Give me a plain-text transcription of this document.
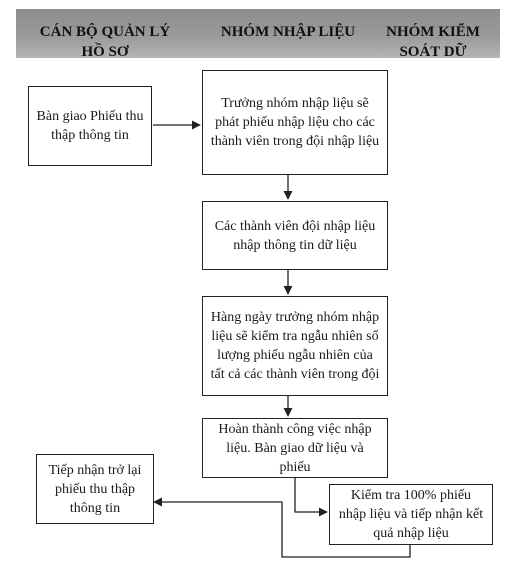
CÁN BỘ QUẢN LÝ HỒ SƠ
NHÓM NHẬP LIỆU	NHÓM KIỂM SOÁT DỮ
Bàn giao Phiếu thu thập thông tin
Trưởng nhóm nhập liệu sẽ phát phiếu nhập liệu cho các thành viên trong đội nhập liệu
Các thành viên đội nhập liệu nhập thông tin dữ liệu
Hàng ngày trưởng nhóm nhập liệu sẽ kiểm tra ngẫu nhiên số lượng phiếu ngẫu nhiên của tất cả các thành viên trong đội
Hoàn thành công việc nhập liệu. Bàn giao dữ liệu và phiếu
Kiểm tra 100% phiếu nhập liệu và tiếp nhận kết quả nhập liệu
Tiếp nhận trở lại phiếu thu thập thông tin
